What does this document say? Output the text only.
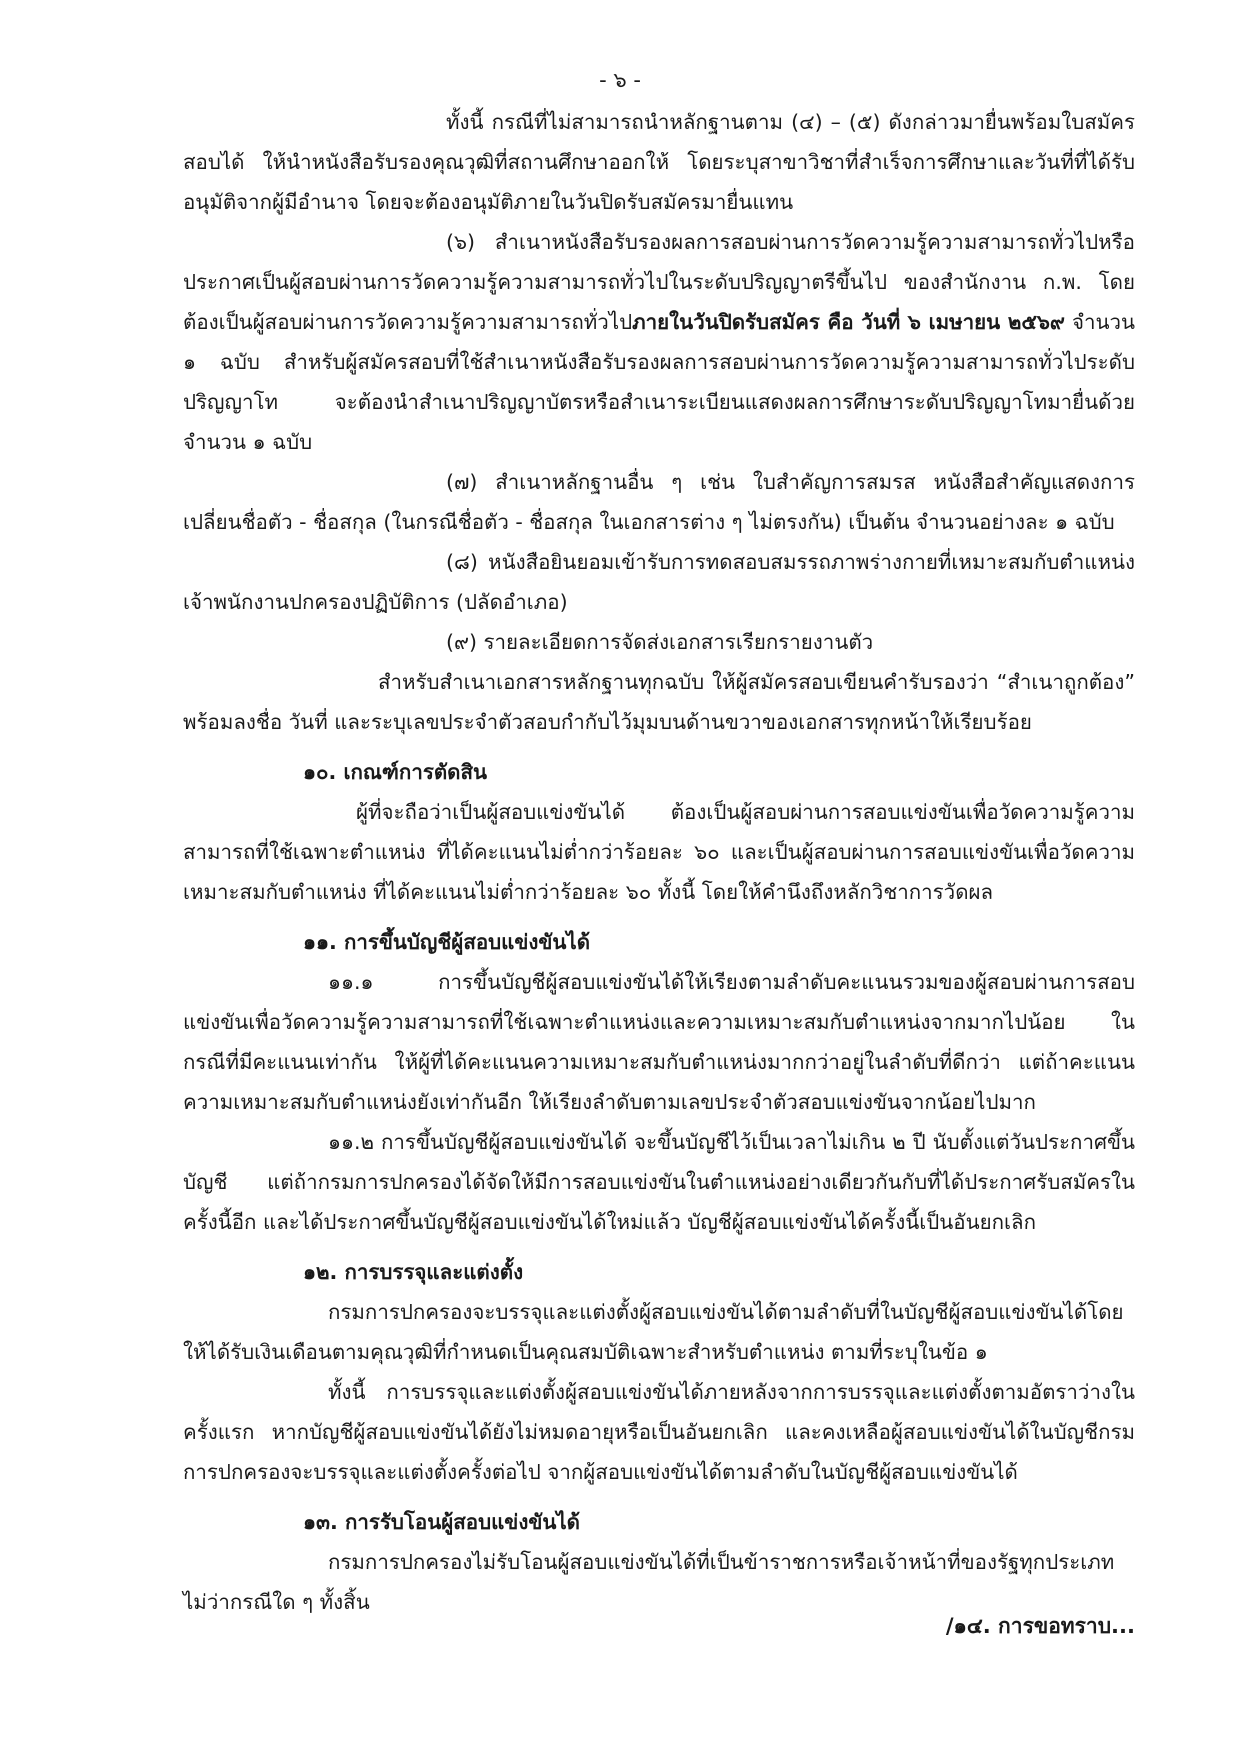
- ๖ -

ทั้งนี้ กรณีที่ไม่สามารถนำหลักฐานตาม (๔) – (๕) ดังกล่าวมายื่นพร้อมใบสมัครสอบได้ ให้นำหนังสือรับรองคุณวุฒิที่สถานศึกษาออกให้ โดยระบุสาขาวิชาที่สำเร็จการศึกษาและวันที่ที่ได้รับอนุมัติจากผู้มีอำนาจ โดยจะต้องอนุมัติภายในวันปิดรับสมัครมายื่นแทน

(๖) สำเนาหนังสือรับรองผลการสอบผ่านการวัดความรู้ความสามารถทั่วไปหรือประกาศเป็นผู้สอบผ่านการวัดความรู้ความสามารถทั่วไปในระดับปริญญาตรีขึ้นไป ของสำนักงาน ก.พ. โดยต้องเป็นผู้สอบผ่านการวัดความรู้ความสามารถทั่วไปภายในวันปิดรับสมัคร คือ วันที่ ๖ เมษายน ๒๕๖๙ จำนวน ๑ ฉบับ สำหรับผู้สมัครสอบที่ใช้สำเนาหนังสือรับรองผลการสอบผ่านการวัดความรู้ความสามารถทั่วไประดับปริญญาโท จะต้องนำสำเนาปริญญาบัตรหรือสำเนาระเบียนแสดงผลการศึกษาระดับปริญญาโทมายื่นด้วย จำนวน ๑ ฉบับ

(๗) สำเนาหลักฐานอื่น ๆ เช่น ใบสำคัญการสมรส หนังสือสำคัญแสดงการเปลี่ยนชื่อตัว - ชื่อสกุล (ในกรณีชื่อตัว - ชื่อสกุล ในเอกสารต่าง ๆ ไม่ตรงกัน) เป็นต้น จำนวนอย่างละ ๑ ฉบับ

(๘) หนังสือยินยอมเข้ารับการทดสอบสมรรถภาพร่างกายที่เหมาะสมกับตำแหน่งเจ้าพนักงานปกครองปฏิบัติการ (ปลัดอำเภอ)

(๙) รายละเอียดการจัดส่งเอกสารเรียกรายงานตัว

สำหรับสำเนาเอกสารหลักฐานทุกฉบับ ให้ผู้สมัครสอบเขียนคำรับรองว่า “สำเนาถูกต้อง” พร้อมลงชื่อ วันที่ และระบุเลขประจำตัวสอบกำกับไว้มุมบนด้านขวาของเอกสารทุกหน้าให้เรียบร้อย

๑๐. เกณฑ์การตัดสิน

ผู้ที่จะถือว่าเป็นผู้สอบแข่งขันได้ ต้องเป็นผู้สอบผ่านการสอบแข่งขันเพื่อวัดความรู้ความสามารถที่ใช้เฉพาะตำแหน่ง ที่ได้คะแนนไม่ต่ำกว่าร้อยละ ๖๐ และเป็นผู้สอบผ่านการสอบแข่งขันเพื่อวัดความเหมาะสมกับตำแหน่ง ที่ได้คะแนนไม่ต่ำกว่าร้อยละ ๖๐ ทั้งนี้ โดยให้คำนึงถึงหลักวิชาการวัดผล

๑๑. การขึ้นบัญชีผู้สอบแข่งขันได้

๑๑.๑ การขึ้นบัญชีผู้สอบแข่งขันได้ให้เรียงตามลำดับคะแนนรวมของผู้สอบผ่านการสอบแข่งขันเพื่อวัดความรู้ความสามารถที่ใช้เฉพาะตำแหน่งและความเหมาะสมกับตำแหน่งจากมากไปน้อย ในกรณีที่มีคะแนนเท่ากัน ให้ผู้ที่ได้คะแนนความเหมาะสมกับตำแหน่งมากกว่าอยู่ในลำดับที่ดีกว่า แต่ถ้าคะแนนความเหมาะสมกับตำแหน่งยังเท่ากันอีก ให้เรียงลำดับตามเลขประจำตัวสอบแข่งขันจากน้อยไปมาก

๑๑.๒ การขึ้นบัญชีผู้สอบแข่งขันได้ จะขึ้นบัญชีไว้เป็นเวลาไม่เกิน ๒ ปี นับตั้งแต่วันประกาศขึ้นบัญชี แต่ถ้ากรมการปกครองได้จัดให้มีการสอบแข่งขันในตำแหน่งอย่างเดียวกันกับที่ได้ประกาศรับสมัครในครั้งนี้อีก และได้ประกาศขึ้นบัญชีผู้สอบแข่งขันได้ใหม่แล้ว บัญชีผู้สอบแข่งขันได้ครั้งนี้เป็นอันยกเลิก

๑๒. การบรรจุและแต่งตั้ง

กรมการปกครองจะบรรจุและแต่งตั้งผู้สอบแข่งขันได้ตามลำดับที่ในบัญชีผู้สอบแข่งขันได้โดยให้ได้รับเงินเดือนตามคุณวุฒิที่กำหนดเป็นคุณสมบัติเฉพาะสำหรับตำแหน่ง ตามที่ระบุในข้อ ๑

ทั้งนี้ การบรรจุและแต่งตั้งผู้สอบแข่งขันได้ภายหลังจากการบรรจุและแต่งตั้งตามอัตราว่างในครั้งแรก หากบัญชีผู้สอบแข่งขันได้ยังไม่หมดอายุหรือเป็นอันยกเลิก และคงเหลือผู้สอบแข่งขันได้ในบัญชีกรมการปกครองจะบรรจุและแต่งตั้งครั้งต่อไป จากผู้สอบแข่งขันได้ตามลำดับในบัญชีผู้สอบแข่งขันได้

๑๓. การรับโอนผู้สอบแข่งขันได้

กรมการปกครองไม่รับโอนผู้สอบแข่งขันได้ที่เป็นข้าราชการหรือเจ้าหน้าที่ของรัฐทุกประเภทไม่ว่ากรณีใด ๆ ทั้งสิ้น

/๑๔. การขอทราบ...
